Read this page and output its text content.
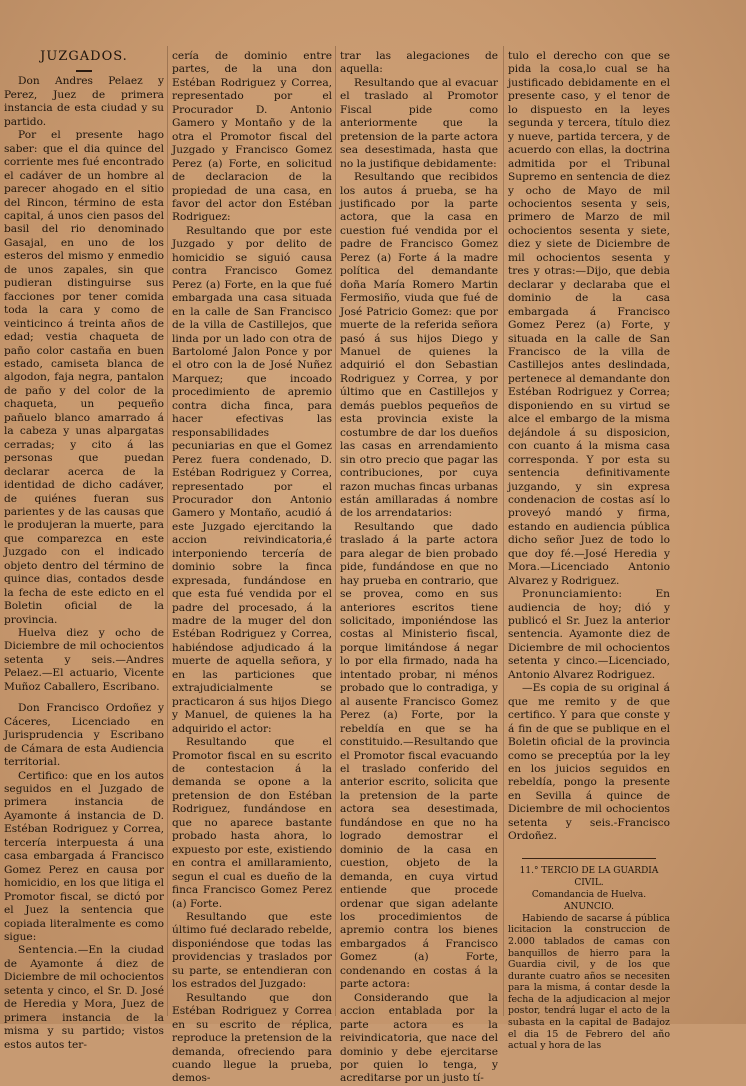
JUZGADOS.

Don Andres Pelaez y Perez, Juez de primera instancia de esta ciudad y su partido.

Por el presente hago saber: que el dia quince del corriente mes fué encontrado el cadáver de un hombre al parecer ahogado en el sitio del Rincon, término de esta capital, á unos cien pasos del basil del rio denominado Gasajal, en uno de los esteros del mismo y enmedio de unos zapales, sin que pudieran distinguirse sus facciones por tener comida toda la cara y como de veinticinco á treinta años de edad; vestia chaqueta de paño color castaña en buen estado, camiseta blanca de algodon, faja negra, pantalon de paño y del color de la chaqueta, un pequeño pañuelo blanco amarrado á la cabeza y unas alpargatas cerradas; y cito á las personas que puedan declarar acerca de la identidad de dicho cadáver, de quiénes fueran sus parientes y de las causas que le produjeran la muerte, para que comparezca en este Juzgado con el indicado objeto dentro del término de quince dias, contados desde la fecha de este edicto en el Boletin oficial de la provincia.

Huelva diez y ocho de Diciembre de mil ochocientos setenta y seis.—Andres Pelaez.—El actuario, Vicente Muñoz Caballero, Escribano.

Don Francisco Ordoñez y Cáceres, Licenciado en Jurisprudencia y Escribano de Cámara de esta Audiencia territorial.

Certifico: que en los autos seguidos en el Juzgado de primera instancia de Ayamonte á instancia de D. Estéban Rodriguez y Correa, tercería interpuesta á una casa embargada á Francisco Gomez Perez en causa por homicidio, en los que litiga el Promotor fiscal, se dictó por el Juez la sentencia que copiada literalmente es como sigue:

Sentencia.—En la ciudad de Ayamonte á diez de Diciembre de mil ochocientos setenta y cinco, el Sr. D. José de Heredia y Mora, Juez de primera instancia de la misma y su partido; vistos estos autos ter-

cería de dominio entre partes, de la una don Estéban Rodriguez y Correa, representado por el Procurador D. Antonio Gamero y Montaño y de la otra el Promotor fiscal del Juzgado y Francisco Gomez Perez (a) Forte, en solicitud de declaracion de la propiedad de una casa, en favor del actor don Estéban Rodriguez:

Resultando que por este Juzgado y por delito de homicidio se siguió causa contra Francisco Gomez Perez (a) Forte, en la que fué embargada una casa situada en la calle de San Francisco de la villa de Castillejos, que linda por un lado con otra de Bartolomé Jalon Ponce y por el otro con la de José Nuñez Marquez; que incoado procedimiento de apremio contra dicha finca, para hacer efectivas las responsabilidades pecuniarias en que el Gomez Perez fuera condenado, D. Estéban Rodriguez y Correa, representado por el Procurador don Antonio Gamero y Montaño, acudió á este Juzgado ejercitando la accion reivindicatoria,é interponiendo tercería de dominio sobre la finca expresada, fundándose en que esta fué vendida por el padre del procesado, á la madre de la muger del don Estéban Rodriguez y Correa, habiéndose adjudicado á la muerte de aquella señora, y en las particiones que extrajudicialmente se practicaron á sus hijos Diego y Manuel, de quienes la ha adquirido el actor:

Resultando que el Promotor fiscal en su escrito de contestacion á la demanda se opone a la pretension de don Estéban Rodriguez, fundándose en que no aparece bastante probado hasta ahora, lo expuesto por este, existiendo en contra el amillaramiento, segun el cual es dueño de la finca Francisco Gomez Perez (a) Forte.

Resultando que este último fué declarado rebelde, disponiéndose que todas las providencias y traslados por su parte, se entendieran con los estrados del Juzgado:

Resultando que don Estéban Rodriguez y Correa en su escrito de réplica, reproduce la pretension de la demanda, ofreciendo para cuando llegue la prueba, demos-

trar las alegaciones de aquella:

Resultando que al evacuar el traslado al Promotor Fiscal pide como anteriormente que la pretension de la parte actora sea desestimada, hasta que no la justifique debidamente:

Resultando que recibidos los autos á prueba, se ha justificado por la parte actora, que la casa en cuestion fué vendida por el padre de Francisco Gomez Perez (a) Forte á la madre política del demandante doña María Romero Martin Fermosiño, viuda que fué de José Patricio Gomez: que por muerte de la referida señora pasó á sus hijos Diego y Manuel de quienes la adquirió el don Sebastian Rodriguez y Correa, y por último que en Castillejos y demás pueblos pequeños de esta provincia existe la costumbre de dar los dueños las casas en arrendamiento sin otro precio que pagar las contribuciones, por cuya razon muchas fincas urbanas están amillaradas á nombre de los arrendatarios:

Resultando que dado traslado á la parte actora para alegar de bien probado pide, fundándose en que no hay prueba en contrario, que se provea, como en sus anteriores escritos tiene solicitado, imponiéndose las costas al Ministerio fiscal, porque limitándose á negar lo por ella firmado, nada ha intentado probar, ni ménos probado que lo contradiga, y al ausente Francisco Gomez Perez (a) Forte, por la rebeldía en que se ha constituido.—Resultando que el Promotor fiscal evacuando el traslado conferido del anterior escrito, solicita que la pretension de la parte actora sea desestimada, fundándose en que no ha logrado demostrar el dominio de la casa en cuestion, objeto de la demanda, en cuya virtud entiende que procede ordenar que sigan adelante los procedimientos de apremio contra los bienes embargados á Francisco Gomez (a) Forte, condenando en costas á la parte actora:

Considerando que la accion entablada por la parte actora es la reivindicatoria, que nace del dominio y debe ejercitarse por quien lo tenga, y acreditarse por un justo tí-

tulo el derecho con que se pida la cosa,lo cual se ha justificado debidamente en el presente caso, y el tenor de lo dispuesto en la leyes segunda y tercera, título diez y nueve, partida tercera, y de acuerdo con ellas, la doctrina admitida por el Tribunal Supremo en sentencia de diez y ocho de Mayo de mil ochocientos sesenta y seis, primero de Marzo de mil ochocientos sesenta y siete, diez y siete de Diciembre de mil ochocientos sesenta y tres y otras:—Dijo, que debia declarar y declaraba que el dominio de la casa embargada á Francisco Gomez Perez (a) Forte, y situada en la calle de San Francisco de la villa de Castillejos antes deslindada, pertenece al demandante don Estéban Rodriguez y Correa; disponiendo en su virtud se alce el embargo de la misma dejándole á su disposicion, con cuanto á la misma casa corresponda. Y por esta su sentencia definitivamente juzgando, y sin expresa condenacion de costas así lo proveyó mandó y firma, estando en audiencia pública dicho señor Juez de todo lo que doy fé.—José Heredia y Mora.—Licenciado Antonio Alvarez y Rodriguez.

Pronunciamiento:	En audiencia de hoy; dió y publicó el Sr. Juez la anterior sentencia. Ayamonte diez de Diciembre de mil ochocientos setenta y cinco.—Licenciado, Antonio Alvarez Rodriguez.

—Es copia de su original á que me remito y de que certifico. Y para que conste y á fin de que se publique en el Boletin oficial de la provincia como se preceptúa por la ley en los juicios seguidos en rebeldía, pongo la presente en Sevilla á quince de Diciembre de mil ochocientos setenta y seis.-Francisco Ordoñez.

11.° TERCIO DE LA GUARDIA CIVIL.
Comandancia de Huelva.
ANUNCIO.

Habiendo de sacarse á pública licitacion la construccion de 2.000 tablados de camas con banquillos de hierro para la Guardia civil, y de los que durante cuatro años se necesiten para la misma, á contar desde la fecha de la adjudicacion al mejor postor, tendrá lugar el acto de la subasta en la capital de Badajoz el dia 15 de Febrero del año actual y hora de las
